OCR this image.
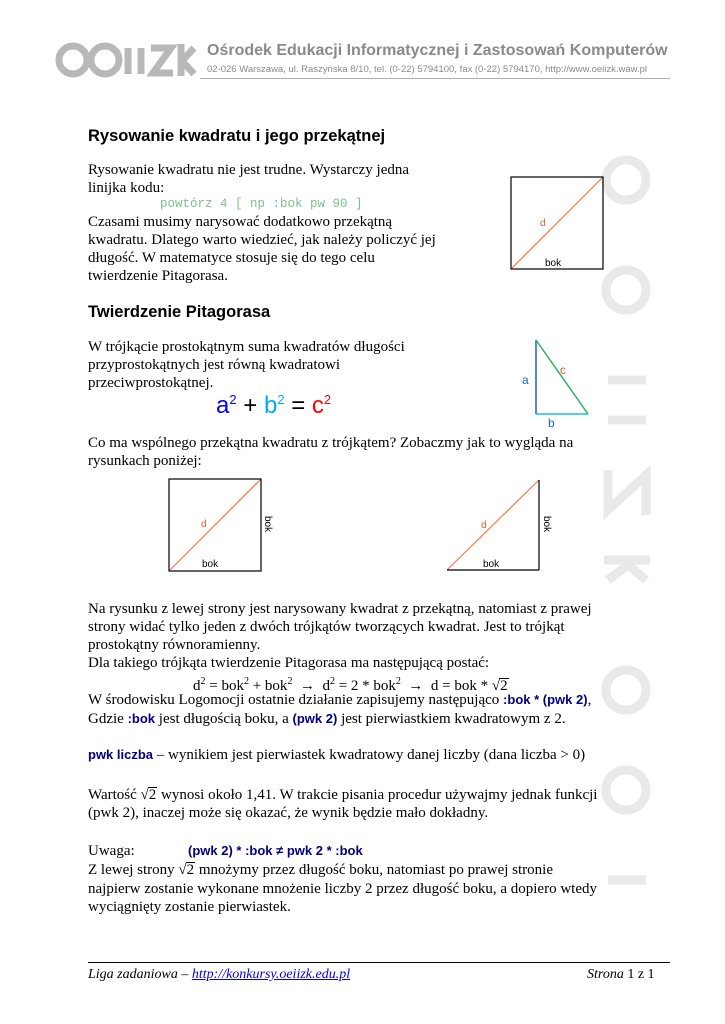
OEIIZK
Ośrodek Edukacji Informatycznej i Zastosowań Komputerów
02-026 Warszawa, ul. Raszyńska 8/10, tel. (0-22) 5794100, fax (0-22) 5794170, http://www.oeiizk.waw.pl
Rysowanie kwadratu i jego przekątnej
Rysowanie kwadratu nie jest trudne. Wystarczy jedna
linijka kodu:
powtórz 4 [ np :bok pw 90 ]
Czasami musimy narysować dodatkowo przekątną
kwadratu. Dlatego warto wiedzieć, jak należy policzyć jej
długość. W matematyce stosuje się do tego celu
twierdzenie Pitagorasa.
d
bok
Twierdzenie Pitagorasa
W trójkącie prostokątnym suma kwadratów długości
przyprostokątnych jest równą kwadratowi
przeciwprostokątnej.
$a^2 + b^2 = c^2$
a
b
c
Co ma wspólnego przekątna kwadratu z trójkątem? Zobaczmy jak to wygląda na
rysunkach poniżej:
d
bok
bok	d
bok
bok
Na rysunku z lewej strony jest narysowany kwadrat z przekątną, natomiast z prawej
strony widać tylko jeden z dwóch trójkątów tworzących kwadrat. Jest to trójkąt
prostokątny równoramienny.
Dla takiego trójkąta twierdzenie Pitagorasa ma następującą postać:
$d^2 = bok^2 + bok^2 \to d^2 = 2 * bok^2 \to d$ = bok * √2
W środowisku Logomocji ostatnie działanie zapisujemy następująco :bok * (pwk 2),
Gdzie :bok jest długością boku, a (pwk 2) jest pierwiastkiem kwadratowym z 2.
pwk liczba – wynikiem jest pierwiastek kwadratowy danej liczby (dana liczba > 0)
Wartość √2 wynosi około 1,41. W trakcie pisania procedur używajmy jednak funkcji
(pwk 2), inaczej może się okazać, że wynik będzie mało dokładny.
Uwaga:	(pwk 2) * :bok ≠ pwk 2 * :bok
Z lewej strony √2 mnożymy przez długość boku, natomiast po prawej stronie
najpierw zostanie wykonane mnożenie liczby 2 przez długość boku, a dopiero wtedy
wyciągnięty zostanie pierwiastek.
Liga zadaniowa – http://konkursy.oeiizk.edu.pl	Strona 1 z 1
